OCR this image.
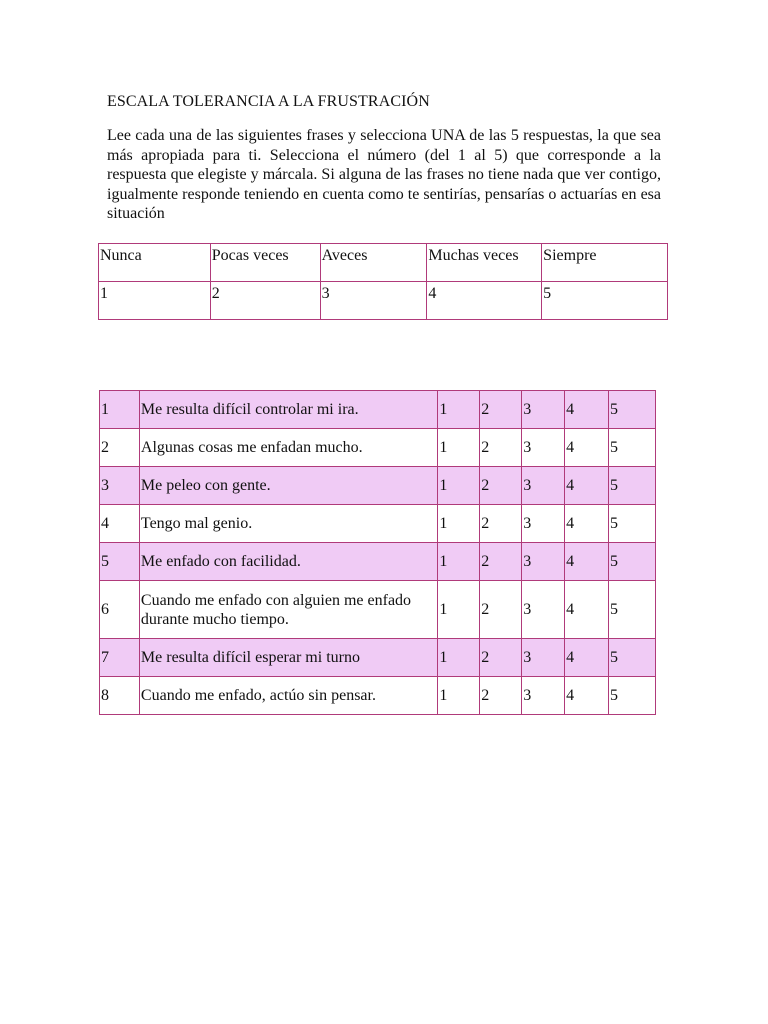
ESCALA TOLERANCIA A LA FRUSTRACIÓN
Lee cada una de las siguientes frases y selecciona UNA de las 5 respuestas, la que sea más apropiada para ti. Selecciona el número (del 1 al 5) que corresponde a la respuesta que elegiste y márcala. Si alguna de las frases no tiene nada que ver contigo, igualmente responde teniendo en cuenta como te sentirías, pensarías o actuarías en esa situación
Nunca	Pocas veces	Aveces	Muchas veces	Siempre
1	2	3	4	5
1	Me resulta difícil controlar mi ira.	1	2	3	4	5
2	Algunas cosas me enfadan mucho.	1	2	3	4	5
3	Me peleo con gente.	1	2	3	4	5
4	Tengo mal genio.	1	2	3	4	5
5	Me enfado con facilidad.	1	2	3	4	5
6	Cuando me enfado con alguien me enfado durante mucho tiempo.	1	2	3	4	5
7	Me resulta difícil esperar mi turno	1	2	3	4	5
8	Cuando me enfado, actúo sin pensar.	1	2	3	4	5
